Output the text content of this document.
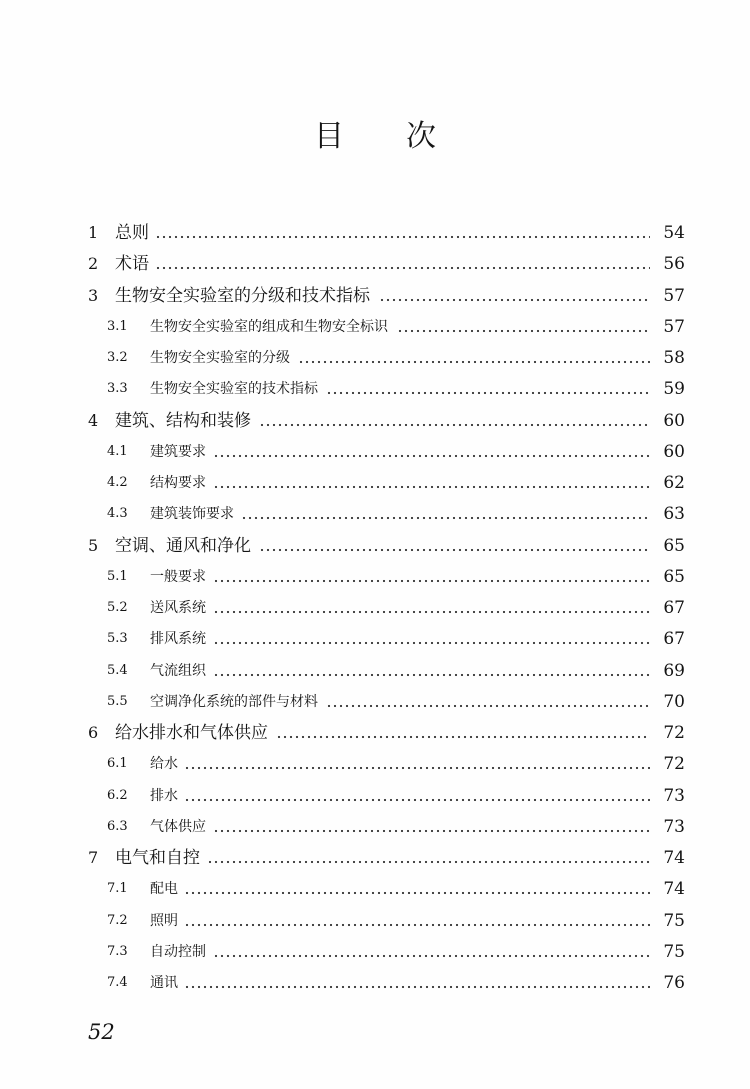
目次
1 总则	54
2 术语	56
3 生物安全实验室的分级和技术指标	57
3.1 生物安全实验室的组成和生物安全标识	57
3.2 生物安全实验室的分级	58
3.3 生物安全实验室的技术指标	59
4 建筑、结构和装修	60
4.1 建筑要求	60
4.2 结构要求	62
4.3 建筑装饰要求	63
5 空调、通风和净化	65
5.1 一般要求	65
5.2 送风系统	67
5.3 排风系统	67
5.4 气流组织	69
5.5 空调净化系统的部件与材料	70
6 给水排水和气体供应	72
6.1 给水	72
6.2 排水	73
6.3 气体供应	73
7 电气和自控	74
7.1 配电	74
7.2 照明	75
7.3 自动控制	75
7.4 通讯	76
52
